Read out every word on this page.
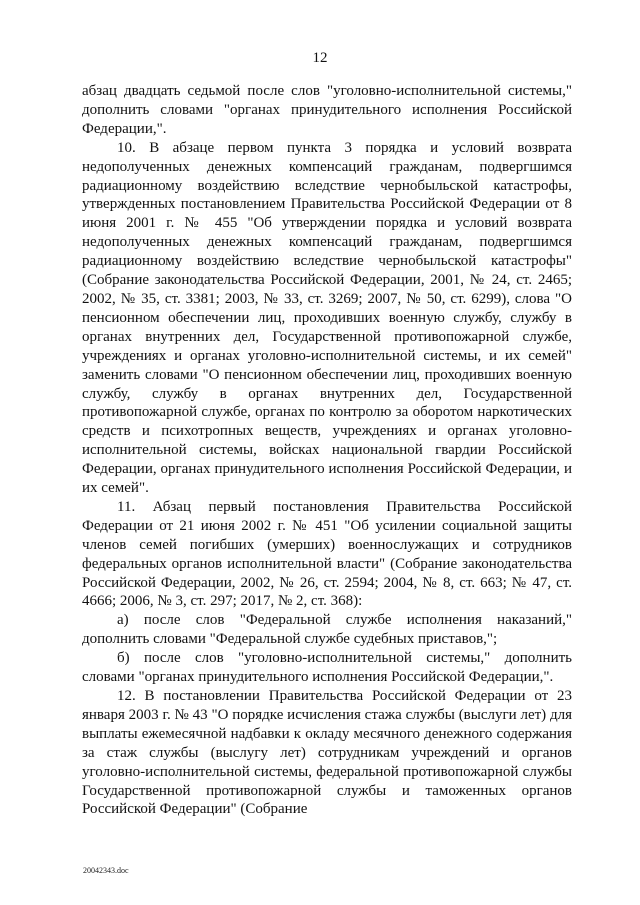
12

абзац двадцать седьмой после слов "уголовно-исполнительной системы," дополнить словами "органах принудительного исполнения Российской Федерации,".

10. В абзаце первом пункта 3 порядка и условий возврата недополученных денежных компенсаций гражданам, подвергшимся радиационному воздействию вследствие чернобыльской катастрофы, утвержденных постановлением Правительства Российской Федерации от 8 июня 2001 г. № 455 "Об утверждении порядка и условий возврата недополученных денежных компенсаций гражданам, подвергшимся радиационному воздействию вследствие чернобыльской катастрофы" (Собрание законодательства Российской Федерации, 2001, № 24, ст. 2465; 2002, № 35, ст. 3381; 2003, № 33, ст. 3269; 2007, № 50, ст. 6299), слова "О пенсионном обеспечении лиц, проходивших военную службу, службу в органах внутренних дел, Государственной противопожарной службе, учреждениях и органах уголовно-исполнительной системы, и их семей" заменить словами "О пенсионном обеспечении лиц, проходивших военную службу, службу в органах внутренних дел, Государственной противопожарной службе, органах по контролю за оборотом наркотических средств и психотропных веществ, учреждениях и органах уголовно-исполнительной системы, войсках национальной гвардии Российской Федерации, органах принудительного исполнения Российской Федерации, и их семей".

11. Абзац первый постановления Правительства Российской Федерации от 21 июня 2002 г. № 451 "Об усилении социальной защиты членов семей погибших (умерших) военнослужащих и сотрудников федеральных органов исполнительной власти" (Собрание законодательства Российской Федерации, 2002, № 26, ст. 2594; 2004, № 8, ст. 663; № 47, ст. 4666; 2006, № 3, ст. 297; 2017, № 2, ст. 368):

а) после слов "Федеральной службе исполнения наказаний," дополнить словами "Федеральной службе судебных приставов,";

б) после слов "уголовно-исполнительной системы," дополнить словами "органах принудительного исполнения Российской Федерации,".

12. В постановлении Правительства Российской Федерации от 23 января 2003 г. № 43 "О порядке исчисления стажа службы (выслуги лет) для выплаты ежемесячной надбавки к окладу месячного денежного содержания за стаж службы (выслугу лет) сотрудникам учреждений и органов уголовно-исполнительной системы, федеральной противопожарной службы Государственной противопожарной службы и таможенных органов Российской Федерации" (Собрание

20042343.doc
